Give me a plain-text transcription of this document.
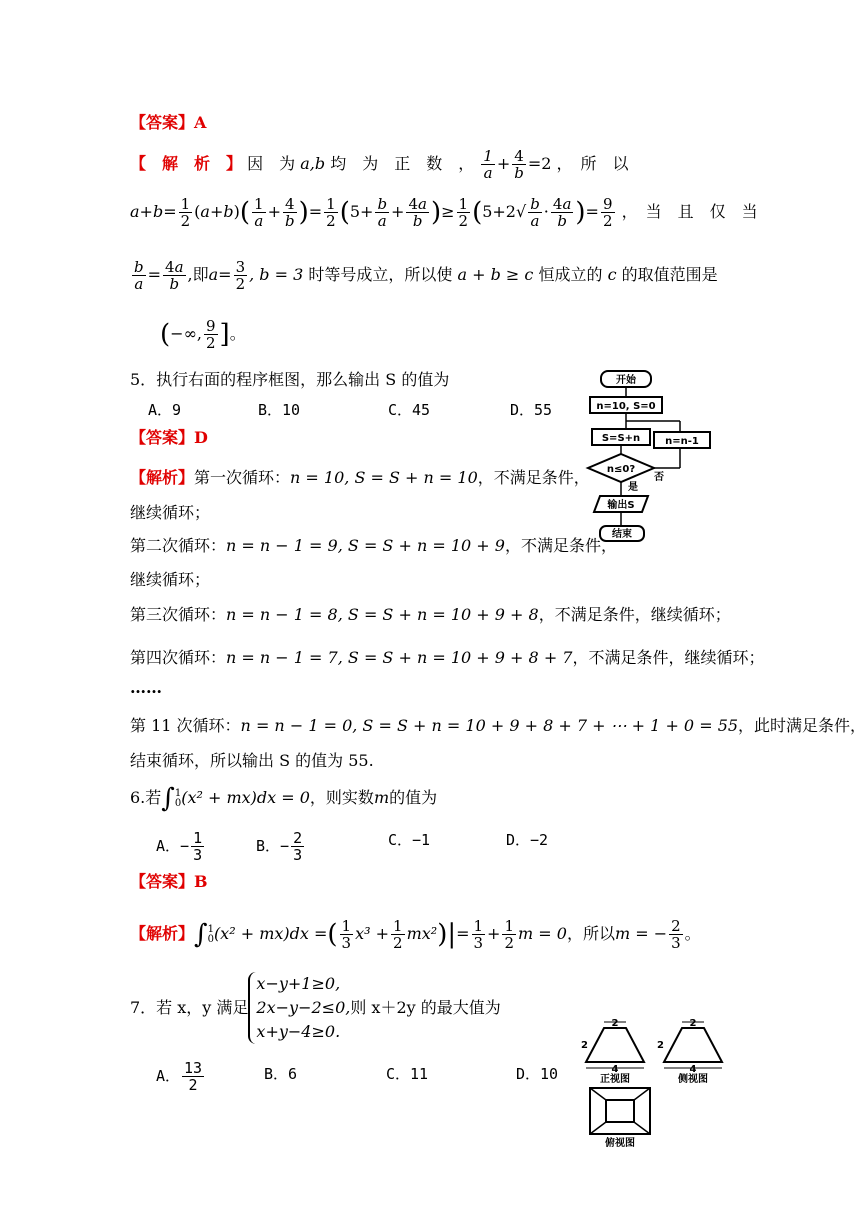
【答案】A
【　解　析　】 因　为 a,b 均　为　正　数　， $\frac{1}{a} + \frac{4}{b} =2$ ，　所　以
$a+b= \frac{1}{2} (a+b)( \frac{1}{a} + \frac{4}{b}$ )= $\frac{1}{2} (5+ \frac{b}{a} + \frac{4a}{b}$ )≥ $\frac{1}{2} (5+2√ \frac{b}{a} \cdot \frac{4a}{b}$ )= $\frac{9}{2}$ ，　当　且　仅　当
$\frac{b}{a} = \frac{4a}{b}$ ,即$a= \frac{3}{2}$ , b = 3 时等号成立，所以使 a + b ≥ c 恒成立的 c 的取值范围是
(−∞, $\frac{9}{2}$ ]。
5．执行右面的程序框图，那么输出 S 的值为
A．9	B．10	C．45	D．55
【答案】D
【解析】第一次循环：n = 10, S = S + n = 10，不满足条件，
继续循环；
第二次循环：n = n − 1 = 9, S = S + n = 10 + 9，不满足条件，
继续循环；
第三次循环：n = n − 1 = 8, S = S + n = 10 + 9 + 8，不满足条件，继续循环；
第四次循环：n = n − 1 = 7, S = S + n = 10 + 9 + 8 + 7，不满足条件，继续循环；
……
第 11 次循环：n = n − 1 = 0, S = S + n = 10 + 9 + 8 + 7 + ⋯ + 1 + 0 = 55，此时满足条件，
结束循环，所以输出 S 的值为 55.
开始
n=10, S=0
S=S+n
n≤0?
是
否
输出S
结束
n=n-1
6.若∫ 1
0 (x² + mx)dx = 0，则实数m的值为
A．− $\frac{1}{3}$	B．− $\frac{2}{3}$	C．−1	D．−2
【答案】B
【解析】∫ 1
0 (x² + mx)dx =( $\frac{1}{3} x^3 + \frac{1}{2} mx^2)|= \frac{1}{3} + \frac{1}{2}$ m = 0，所以m = − $\frac{2}{3}$ 。
7．若 x，y 满足
x−y+1≥0,
2x−y−2≤0,
x+y−4≥0.
则 x＋2y 的最大值为
A． $\frac{13}{2}$	B．6	C．11	D．10
2
4
2
正视图
2
4
2
侧视图
俯视图
